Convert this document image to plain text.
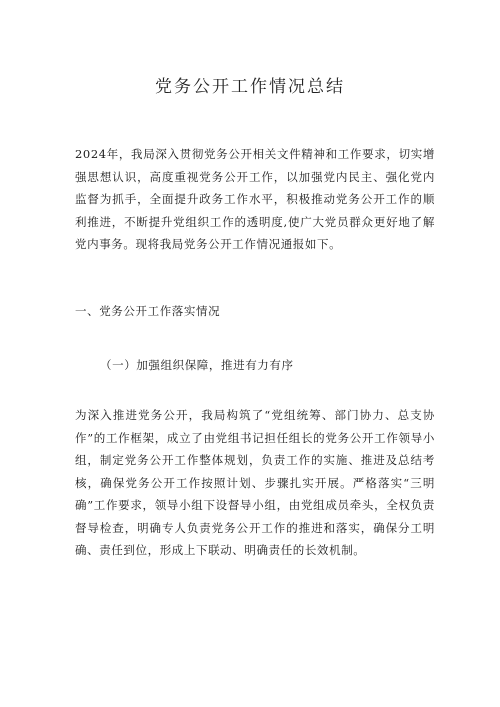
党务公开工作情况总结

2024年，我局深入贯彻党务公开相关文件精神和工作要求，切实增强思想认识，高度重视党务公开工作，以加强党内民主、强化党内监督为抓手，全面提升政务工作水平，积极推动党务公开工作的顺利推进，不断提升党组织工作的透明度,使广大党员群众更好地了解党内事务。现将我局党务公开工作情况通报如下。

一、党务公开工作落实情况
（一）加强组织保障，推进有力有序

为深入推进党务公开，我局构筑了“党组统筹、部门协力、总支协作”的工作框架，成立了由党组书记担任组长的党务公开工作领导小组，制定党务公开工作整体规划，负责工作的实施、推进及总结考核，确保党务公开工作按照计划、步骤扎实开展。严格落实“三明确”工作要求，领导小组下设督导小组，由党组成员牵头，全权负责督导检查，明确专人负责党务公开工作的推进和落实，确保分工明确、责任到位，形成上下联动、明确责任的长效机制。
